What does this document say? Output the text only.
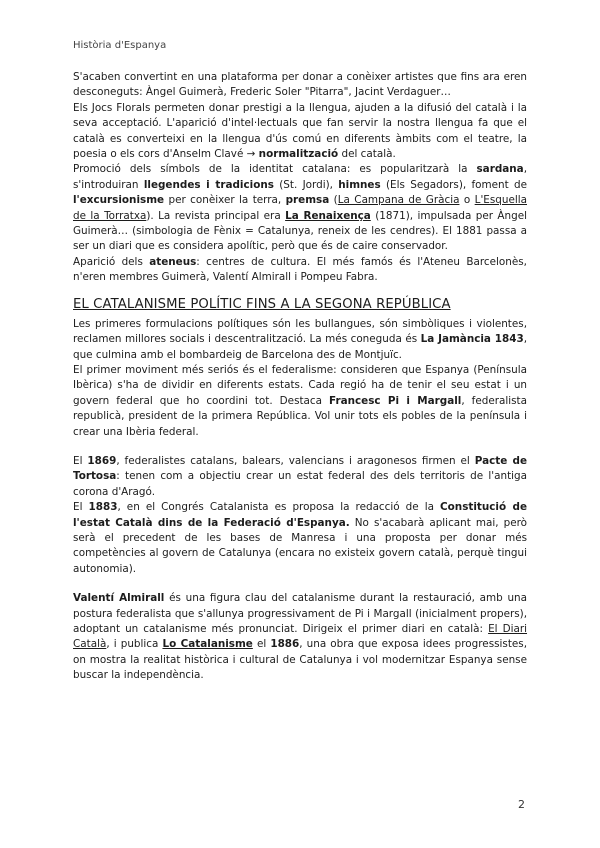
Història d'Espanya

S'acaben convertint en una plataforma per donar a conèixer artistes que fins ara eren desconeguts: Àngel Guimerà, Frederic Soler "Pitarra", Jacint Verdaguer…

Els Jocs Florals permeten donar prestigi a la llengua, ajuden a la difusió del català i la seva acceptació. L'aparició d'intel·lectuals que fan servir la nostra llengua fa que el català es converteixi en la llengua d'ús comú en diferents àmbits com el teatre, la poesia o els cors d'Anselm Clavé → normalització del català.

Promoció dels símbols de la identitat catalana: es popularitzarà la sardana, s'introduiran llegendes i tradicions (St. Jordi), himnes (Els Segadors), foment de l'excursionisme per conèixer la terra, premsa (La Campana de Gràcia o L'Esquella de la Torratxa). La revista principal era La Renaixença (1871), impulsada per Àngel Guimerà… (simbologia de Fènix = Catalunya, reneix de les cendres). El 1881 passa a ser un diari que es considera apolític, però que és de caire conservador.

Aparició dels ateneus: centres de cultura. El més famós és l'Ateneu Barcelonès, n'eren membres Guimerà, Valentí Almirall i Pompeu Fabra.

EL CATALANISME POLÍTIC FINS A LA SEGONA REPÚBLICA

Les primeres formulacions polítiques són les bullangues, són simbòliques i violentes, reclamen millores socials i descentralització. La més coneguda és La Jamància 1843, que culmina amb el bombardeig de Barcelona des de Montjuïc.

El primer moviment més seriós és el federalisme: consideren que Espanya (Península Ibèrica) s'ha de dividir en diferents estats. Cada regió ha de tenir el seu estat i un govern federal que ho coordini tot. Destaca Francesc Pi i Margall, federalista republicà, president de la primera República. Vol unir tots els pobles de la península i crear una Ibèria federal.

El 1869, federalistes catalans, balears, valencians i aragonesos firmen el Pacte de Tortosa: tenen com a objectiu crear un estat federal des dels territoris de l'antiga corona d'Aragó.

El 1883, en el Congrés Catalanista es proposa la redacció de la Constitució de l'estat Català dins de la Federació d'Espanya. No s'acabarà aplicant mai, però serà el precedent de les bases de Manresa i una proposta per donar més competències al govern de Catalunya (encara no existeix govern català, perquè tingui autonomia).

Valentí Almirall és una figura clau del catalanisme durant la restauració, amb una postura federalista que s'allunya progressivament de Pi i Margall (inicialment propers), adoptant un catalanisme més pronunciat. Dirigeix el primer diari en català: El Diari Català, i publica Lo Catalanisme el 1886, una obra que exposa idees progressistes, on mostra la realitat històrica i cultural de Catalunya i vol modernitzar Espanya sense buscar la independència.

2
